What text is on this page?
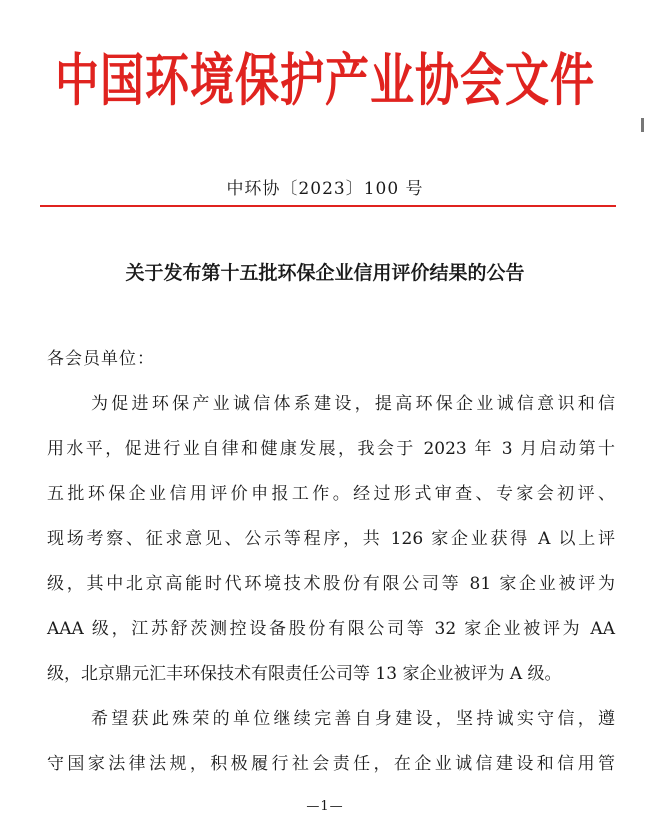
中国环境保护产业协会文件
中环协〔2023〕100 号
关于发布第十五批环保企业信用评价结果的公告
各会员单位：
为促进环保产业诚信体系建设，提高环保企业诚信意识和信
用水平，促进行业自律和健康发展，我会于 2023 年 3 月启动第十
五批环保企业信用评价申报工作。经过形式审查、专家会初评、
现场考察、征求意见、公示等程序，共 126 家企业获得 A 以上评
级，其中北京高能时代环境技术股份有限公司等 81 家企业被评为
AAA 级，江苏舒茨测控设备股份有限公司等 32 家企业被评为 AA
级，北京鼎元汇丰环保技术有限责任公司等 13 家企业被评为 A 级。
希望获此殊荣的单位继续完善自身建设，坚持诚实守信，遵
守国家法律法规，积极履行社会责任，在企业诚信建设和信用管
—1—
